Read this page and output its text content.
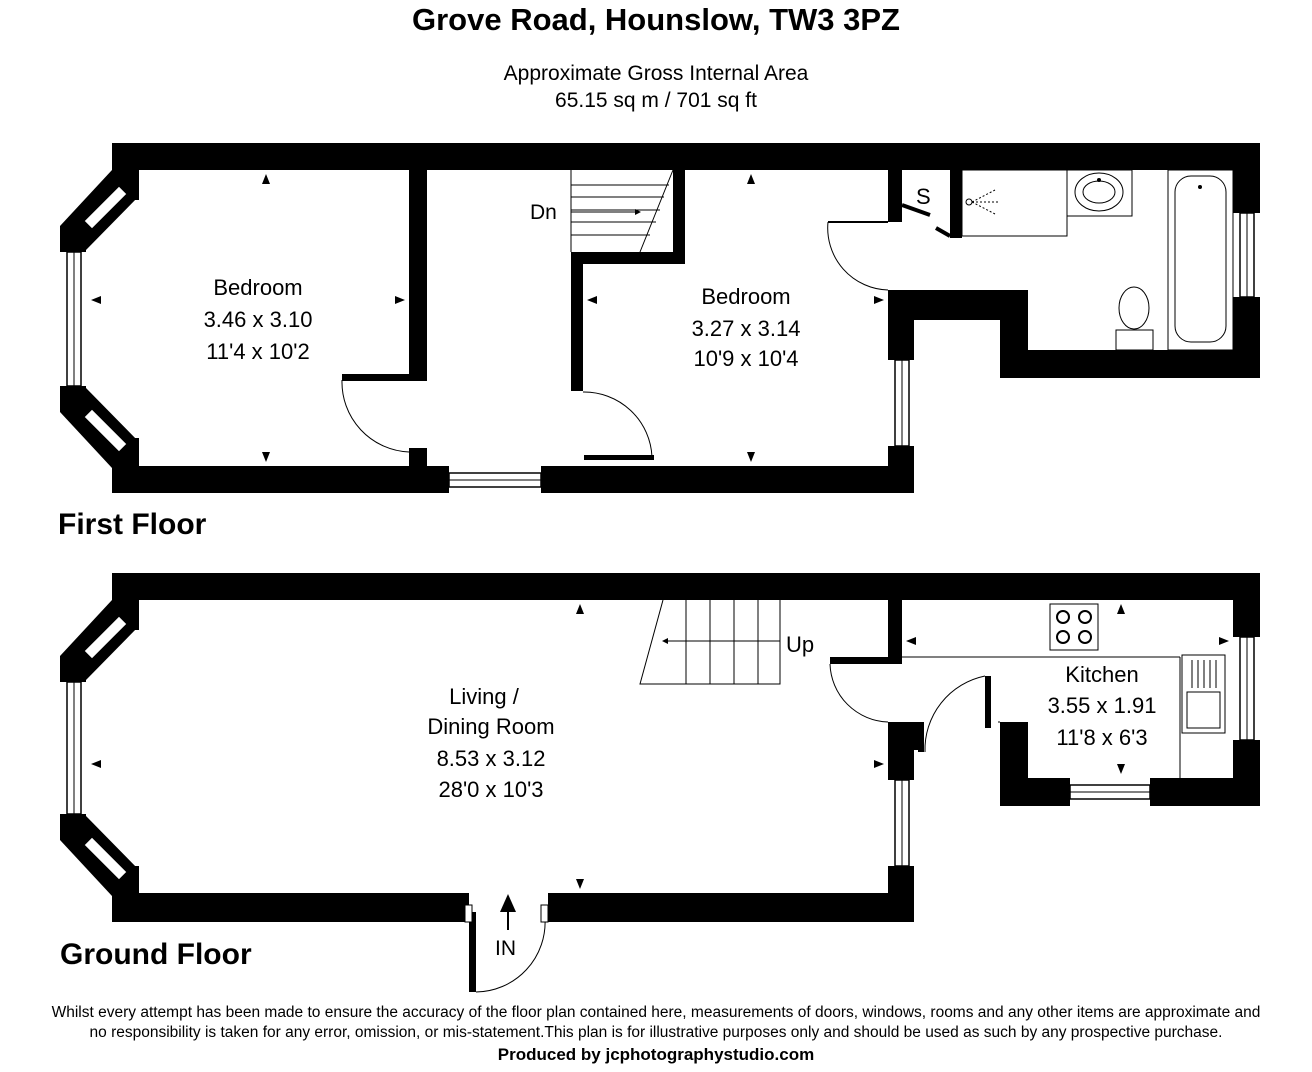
Grove Road, Hounslow, TW3 3PZ
Approximate Gross Internal Area
65.15 sq m / 701 sq ft
Dn
S
Bedroom
3.46 x 3.10
11'4 x 10'2
Bedroom
3.27 x 3.14
10'9 x 10'4
Up
IN
Living /
Dining Room
8.53 x 3.12
28'0 x 10'3
Kitchen
3.55 x 1.91
11'8 x 6'3
First Floor
Ground Floor
Whilst every attempt has been made to ensure the accuracy of the floor plan contained here, measurements of doors, windows, rooms and any other items are approximate and
no responsibility is taken for any error, omission, or mis-statement.This plan is for illustrative purposes only and should be used as such by any prospective purchase.
Produced by jcphotographystudio.com
